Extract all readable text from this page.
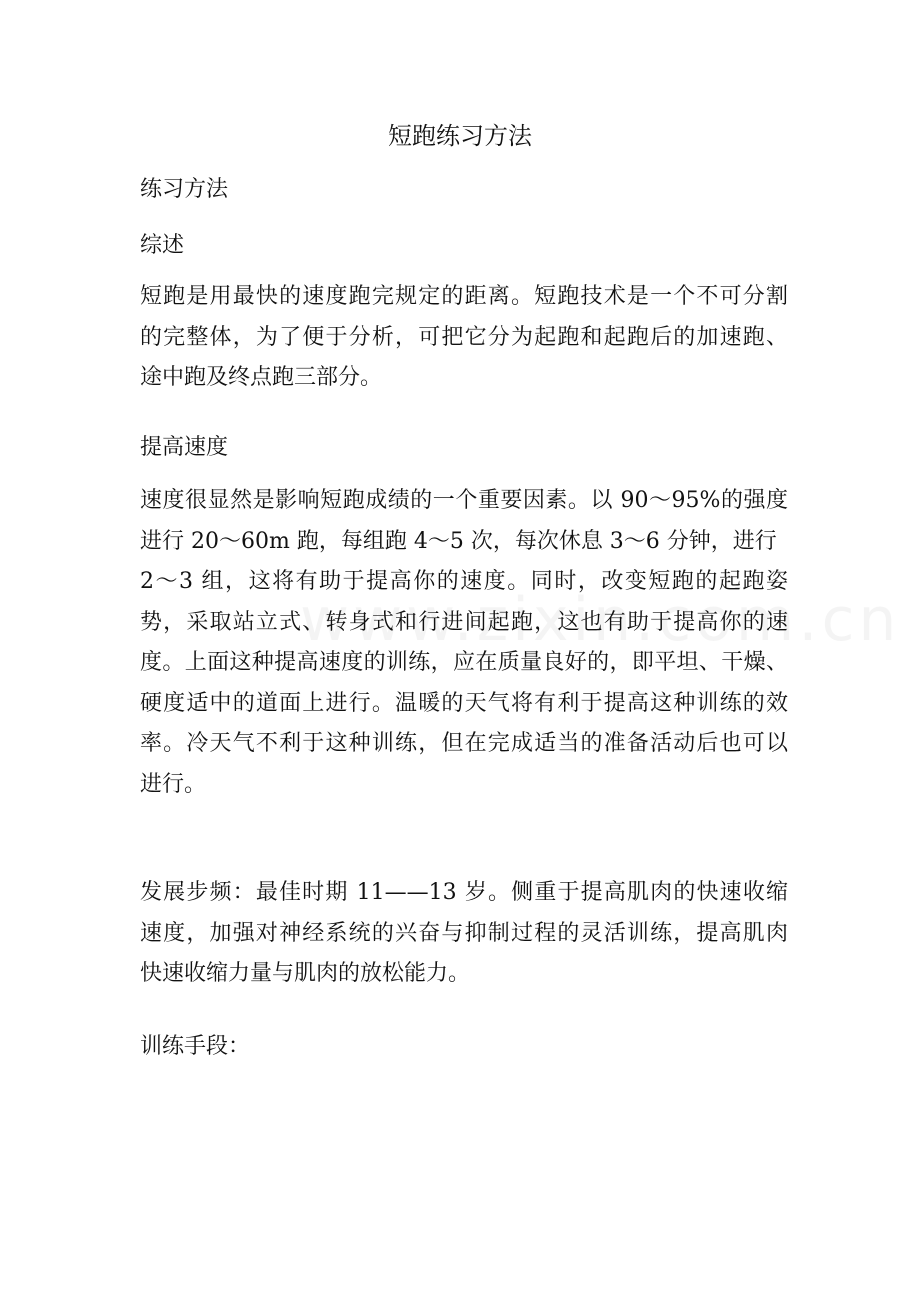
短跑练习方法

练习方法

综述

短跑是用最快的速度跑完规定的距离。短跑技术是一个不可分割
的完整体，为了便于分析，可把它分为起跑和起跑后的加速跑、
途中跑及终点跑三部分。

提高速度

速度很显然是影响短跑成绩的一个重要因素。以 90～95%的强度
进行 20～60m 跑，每组跑 4～5 次，每次休息 3～6 分钟，进行
2～3 组，这将有助于提高你的速度。同时，改变短跑的起跑姿
势，采取站立式、转身式和行进间起跑，这也有助于提高你的速
度。上面这种提高速度的训练，应在质量良好的，即平坦、干燥、
硬度适中的道面上进行。温暖的天气将有利于提高这种训练的效
率。冷天气不利于这种训练，但在完成适当的准备活动后也可以
进行。
发展步频：最佳时期 11——13 岁。侧重于提高肌肉的快速收缩
速度，加强对神经系统的兴奋与抑制过程的灵活训练，提高肌肉
快速收缩力量与肌肉的放松能力。

训练手段：
